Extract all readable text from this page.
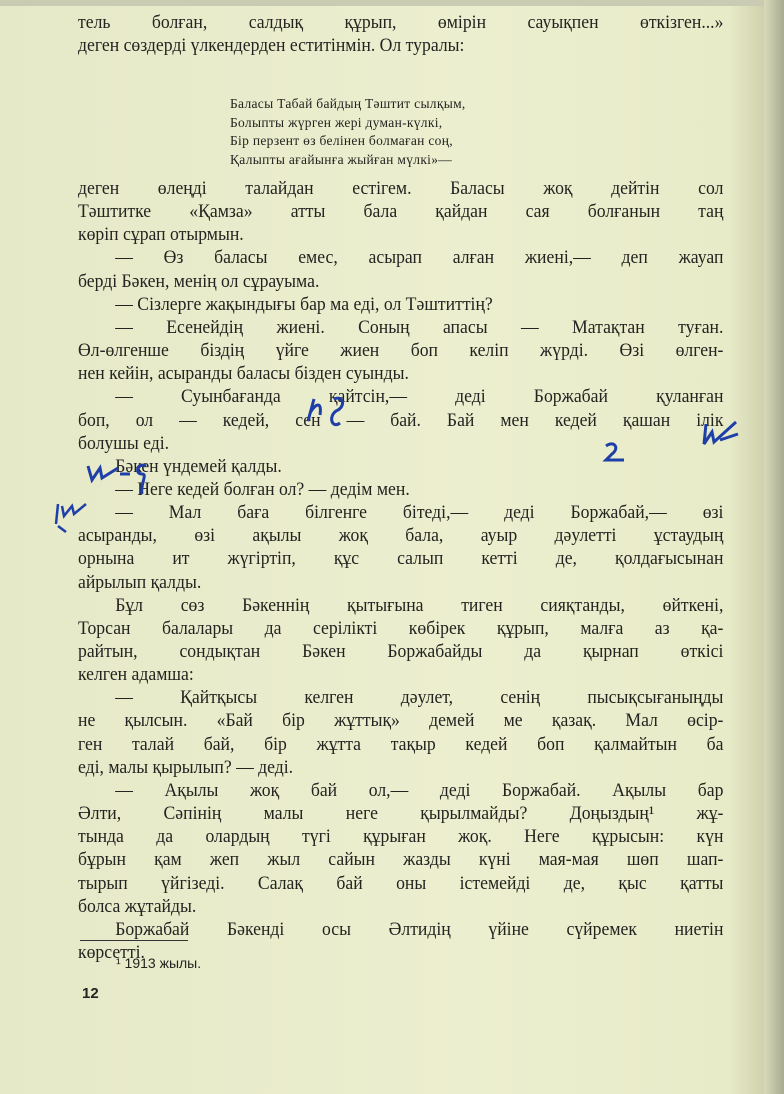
тель болған, салдық құрып, өмірін сауықпен өткізген...»
деген сөздерді үлкендерден еститінмін. Ол туралы:
Баласы Табай байдың Тәштит сылқым,
Болыпты жүрген жері думан-күлкі,
Бір перзент өз белінен болмаған соң,
Қалыпты ағайынға жыйған мүлкі»—
деген өлеңді талайдан естігем. Баласы жоқ дейтін сол
Тәштитке «Қамза» атты бала қайдан сая болғанын таң
көріп сұрап отырмын.
— Өз баласы емес, асырап алған жиені,— деп жауап
берді Бәкен, менің ол сұрауыма.
— Сізлерге жақындығы бар ма еді, ол Тәштиттің?
— Есенейдің жиені. Соның апасы — Матақтан туған.
Өл-өлгенше біздің үйге жиен боп келіп жүрді. Өзі өлген-
нен кейін, асыранды баласы бізден суынды.
— Суынбағанда қайтсін,— деді Боржабай қуланған
боп, ол — кедей, сен — бай. Бай мен кедей қашан ілік
болушы еді.
Бәкен үндемей қалды.
— Неге кедей болған ол? — дедім мен.
— Мал бағa білгенге бітеді,— деді Боржабай,— өзі
асыранды, өзі ақылы жоқ бала, ауыр дәулетті ұстаудың
орнына ит жүгіртіп, құс салып кетті де, қолдағысынан
айрылып қалды.
Бұл сөз Бәкеннің қытығына тиген сияқтанды, өйткені,
Торсан балалары да серілікті көбірек құрып, малға аз қа-
райтын, сондықтан Бәкен Боржабайды да қырнап өткісі
келген адамша:
— Қайтқысы келген дәулет, сенің пысықсығаныңды
не қылсын. «Бай бір жұттық» демей ме қазақ. Мал өсір-
ген талай бай, бір жұтта тақыр кедей боп қалмайтын ба
еді, малы қырылып? — деді.
— Ақылы жоқ бай ол,— деді Боржабай. Ақылы бар
Әлти, Сәпінің малы неге қырылмайды? Доңыздың¹ жұ-
тында да олардың түгі құрыған жоқ. Неге құрысын: күн
бұрын қам жеп жыл сайын жазды күні мая-мая шөп шап-
тырып үйгізеді. Салақ бай оны істемейді де, қыс қатты
болса жұтайды.
Боржабай Бәкенді осы Әлтидің үйіне сүйремек ниетін
көрсетті.
¹ 1913 жылы.
12
